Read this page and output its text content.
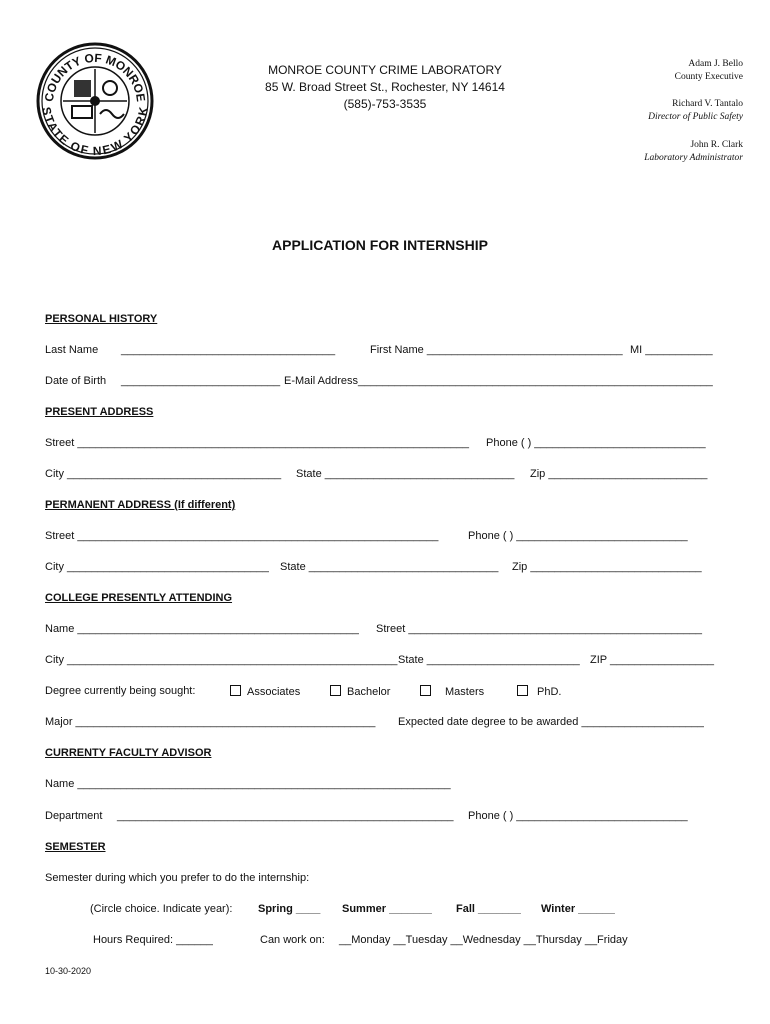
COUNTY OF MONROE
STATE OF NEW YORK
MONROE COUNTY CRIME LABORATORY
85 W. Broad Street St., Rochester, NY 14614
(585)-753-3535
Adam J. Bello
County Executive
Richard V. Tantalo
Director of Public Safety
John R. Clark
Laboratory Administrator
APPLICATION FOR INTERNSHIP
PERSONAL HISTORY
Last Name ___________________________________	First Name ________________________________ MI ___________
Date of Birth __________________________ E-Mail Address__________________________________________________________
PRESENT ADDRESS
Street ________________________________________________________________ Phone ( ) ____________________________
City ___________________________________ State _______________________________ Zip __________________________
PERMANENT ADDRESS (If different)
Street ___________________________________________________________	Phone ( ) ____________________________
City _________________________________ State _______________________________ Zip ____________________________
COLLEGE PRESENTLY ATTENDING
Name ______________________________________________ Street ________________________________________________
City ______________________________________________________ State _________________________ ZIP _________________
Degree currently being sought:	Associates	Bachelor	Masters	PhD.
Major _________________________________________________ Expected date degree to be awarded ____________________
CURRENTY FACULTY ADVISOR
Name _____________________________________________________________
Department _______________________________________________________ Phone ( ) ____________________________
SEMESTER
Semester during which you prefer to do the internship:
(Circle choice. Indicate year): Spring ____ Summer _______ Fall _______ Winter ______
Hours Required: ______	Can work on: __Monday __Tuesday __Wednesday __Thursday __Friday
10-30-2020
